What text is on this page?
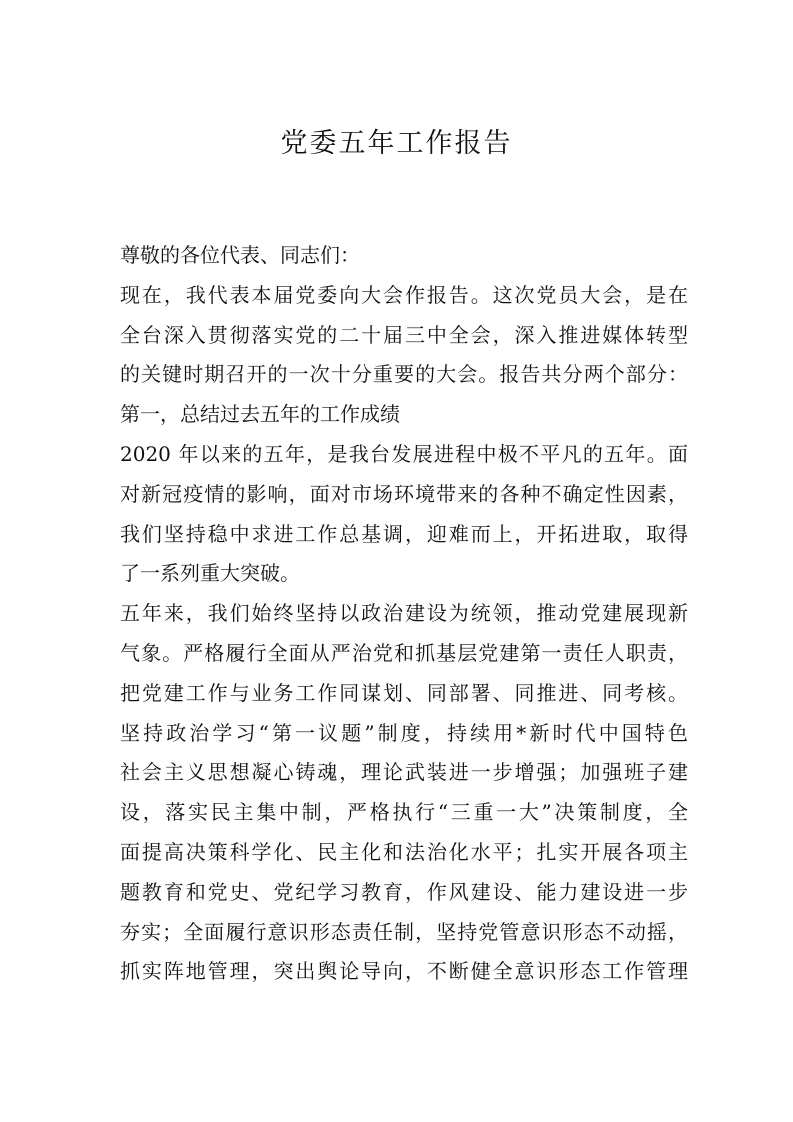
党委五年工作报告
尊敬的各位代表、同志们：
现在，我代表本届党委向大会作报告。这次党员大会，是在
全台深入贯彻落实党的二十届三中全会，深入推进媒体转型
的关键时期召开的一次十分重要的大会。报告共分两个部分：
第一，总结过去五年的工作成绩
2020 年以来的五年，是我台发展进程中极不平凡的五年。面
对新冠疫情的影响，面对市场环境带来的各种不确定性因素，
我们坚持稳中求进工作总基调，迎难而上，开拓进取，取得
了一系列重大突破。
五年来，我们始终坚持以政治建设为统领，推动党建展现新
气象。严格履行全面从严治党和抓基层党建第一责任人职责，
把党建工作与业务工作同谋划、同部署、同推进、同考核。
坚持政治学习“第一议题”制度，持续用*新时代中国特色
社会主义思想凝心铸魂，理论武装进一步增强；加强班子建
设，落实民主集中制，严格执行“三重一大”决策制度，全
面提高决策科学化、民主化和法治化水平；扎实开展各项主
题教育和党史、党纪学习教育，作风建设、能力建设进一步
夯实；全面履行意识形态责任制，坚持党管意识形态不动摇，
抓实阵地管理，突出舆论导向，不断健全意识形态工作管理
